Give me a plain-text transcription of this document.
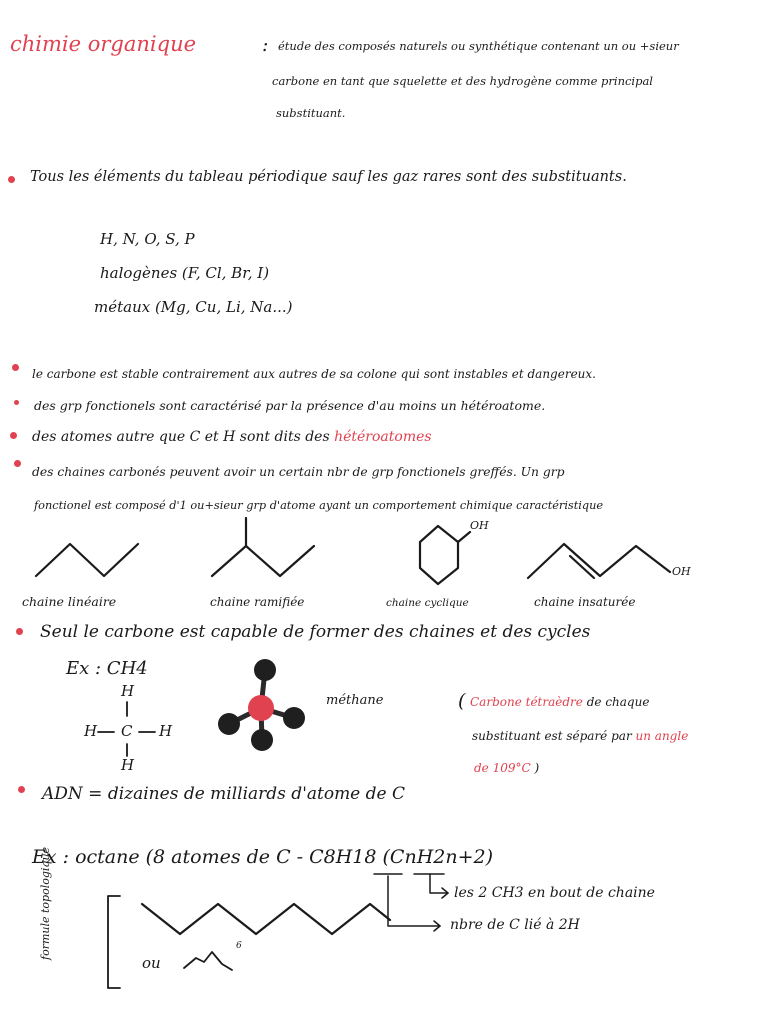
chimie organique	: étude des composés naturels ou synthétique contenant un ou +sieur
carbone en tant que squelette et des hydrogène comme principal
substituant.
Tous les éléments du tableau périodique sauf les gaz rares sont des substituants.
H, N, O, S, P
halogènes (F, Cl, Br, I)
métaux (Mg, Cu, Li, Na...)
le carbone est stable contrairement aux autres de sa colone qui sont instables et dangereux.
des grp fonctionels sont caractérisé par la présence d'au moins un hétéroatome.
des atomes autre que C et H sont dits des hétéroatomes
des chaines carbonés peuvent avoir un certain nbr de grp fonctionels greffés. Un grp
fonctionel est composé d'1 ou+sieur grp d'atome ayant un comportement chimique caractéristique
OH
OH
chaine linéaire	chaine ramifiée	chaine cyclique	chaine insaturée
Seul le carbone est capable de former des chaines et des cycles
Ex : CH4
H
H C H
H
méthane	( Carbone tétraèdre de chaque
substituant est séparé par un angle
de 109°C )
ADN = dizaines de milliards d'atome de C
Ex : octane (8 atomes de C - C8H18 (CnH2n+2)
les 2 CH3 en bout de chaine
nbre de C lié à 2H
formule topologique
ou
6
